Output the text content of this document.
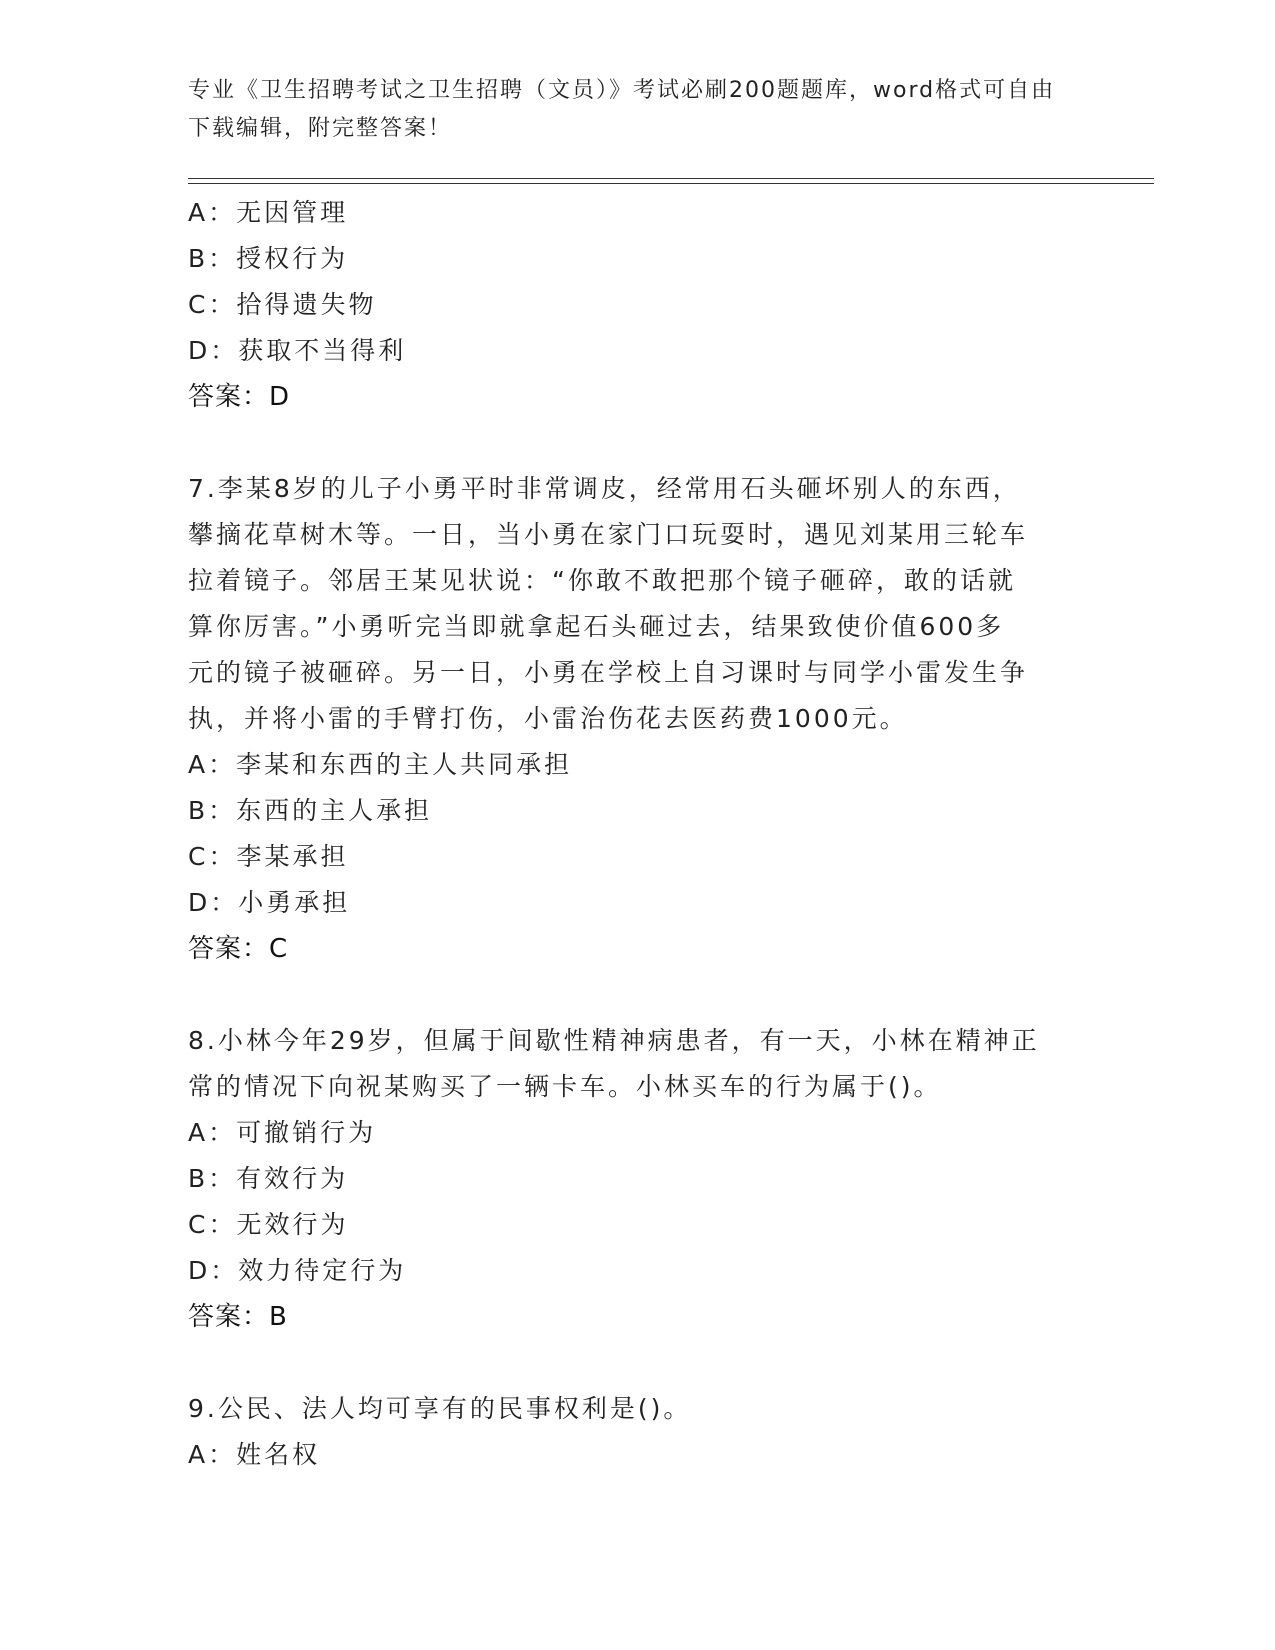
专业《卫生招聘考试之卫生招聘（文员）》考试必刷200题题库，word格式可自由下载编辑，附完整答案！
A：无因管理
B：授权行为
C：拾得遗失物
D：获取不当得利
答案：D
7.李某8岁的儿子小勇平时非常调皮，经常用石头砸坏别人的东西，
攀摘花草树木等。一日，当小勇在家门口玩耍时，遇见刘某用三轮车
拉着镜子。邻居王某见状说：“你敢不敢把那个镜子砸碎，敢的话就
算你厉害。”小勇听完当即就拿起石头砸过去，结果致使价值600多
元的镜子被砸碎。另一日，小勇在学校上自习课时与同学小雷发生争
执，并将小雷的手臂打伤，小雷治伤花去医药费1000元。
A：李某和东西的主人共同承担
B：东西的主人承担
C：李某承担
D：小勇承担
答案：C
8.小林今年29岁，但属于间歇性精神病患者，有一天，小林在精神正
常的情况下向祝某购买了一辆卡车。小林买车的行为属于()。
A：可撤销行为
B：有效行为
C：无效行为
D：效力待定行为
答案：B
9.公民、法人均可享有的民事权利是()。
A：姓名权
